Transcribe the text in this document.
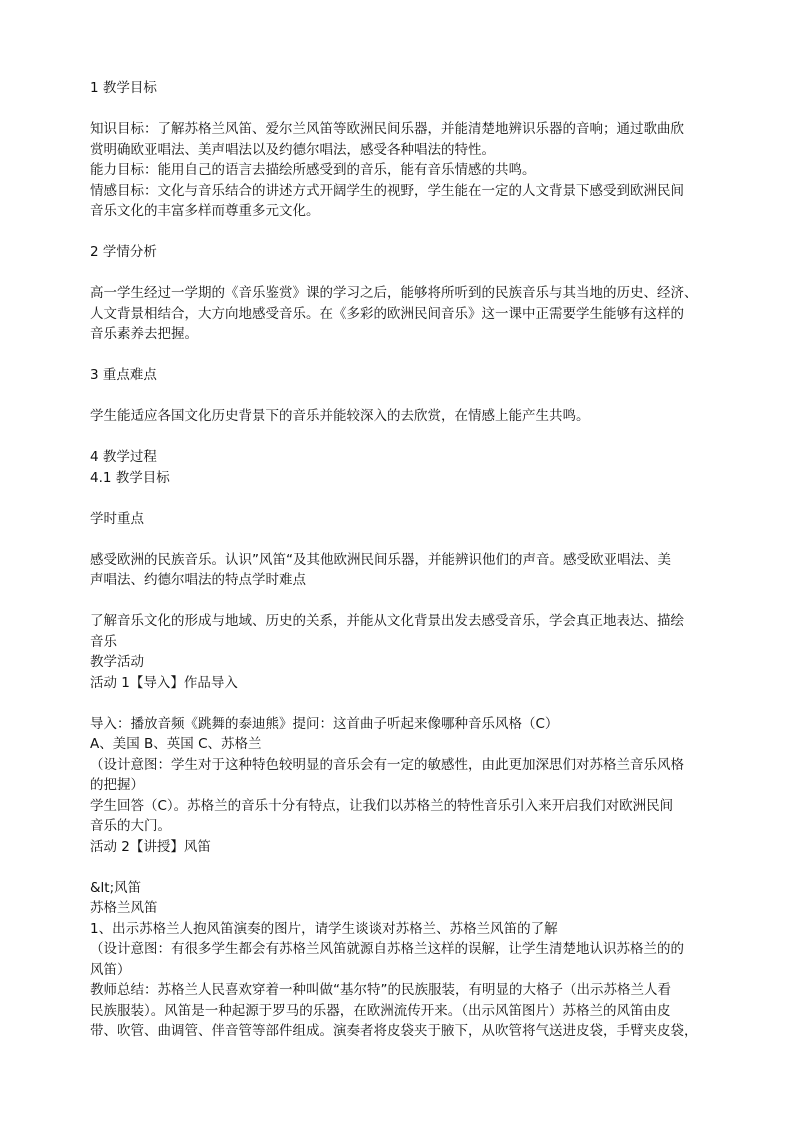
1 教学目标
知识目标：了解苏格兰风笛、爱尔兰风笛等欧洲民间乐器，并能清楚地辨识乐器的音响；通过歌曲欣
赏明确欧亚唱法、美声唱法以及约德尔唱法，感受各种唱法的特性。
能力目标：能用自己的语言去描绘所感受到的音乐，能有音乐情感的共鸣。
情感目标：文化与音乐结合的讲述方式开阔学生的视野，学生能在一定的人文背景下感受到欧洲民间
音乐文化的丰富多样而尊重多元文化。
2 学情分析
高一学生经过一学期的《音乐鉴赏》课的学习之后，能够将所听到的民族音乐与其当地的历史、经济、
人文背景相结合，大方向地感受音乐。在《多彩的欧洲民间音乐》这一课中正需要学生能够有这样的
音乐素养去把握。
3 重点难点
学生能适应各国文化历史背景下的音乐并能较深入的去欣赏，在情感上能产生共鸣。
4 教学过程
4.1 教学目标
学时重点
感受欧洲的民族音乐。认识”风笛“及其他欧洲民间乐器，并能辨识他们的声音。感受欧亚唱法、美
声唱法、约德尔唱法的特点学时难点
了解音乐文化的形成与地域、历史的关系，并能从文化背景出发去感受音乐，学会真正地表达、描绘
音乐
教学活动
活动 1【导入】作品导入
导入：播放音频《跳舞的泰迪熊》提问：这首曲子听起来像哪种音乐风格（C）
A、美国 B、英国 C、苏格兰
（设计意图：学生对于这种特色较明显的音乐会有一定的敏感性，由此更加深思们对苏格兰音乐风格
的把握）
学生回答（C）。苏格兰的音乐十分有特点，让我们以苏格兰的特性音乐引入来开启我们对欧洲民间
音乐的大门。
活动 2【讲授】风笛
&lt;风笛
苏格兰风笛
1、出示苏格兰人抱风笛演奏的图片，请学生谈谈对苏格兰、苏格兰风笛的了解
（设计意图：有很多学生都会有苏格兰风笛就源自苏格兰这样的误解，让学生清楚地认识苏格兰的的
风笛）
教师总结：苏格兰人民喜欢穿着一种叫做“基尔特”的民族服装，有明显的大格子（出示苏格兰人看
民族服装）。风笛是一种起源于罗马的乐器，在欧洲流传开来。（出示风笛图片）苏格兰的风笛由皮
带、吹管、曲调管、伴音管等部件组成。演奏者将皮袋夹于腋下，从吹管将气送进皮袋，手臂夹皮袋，
